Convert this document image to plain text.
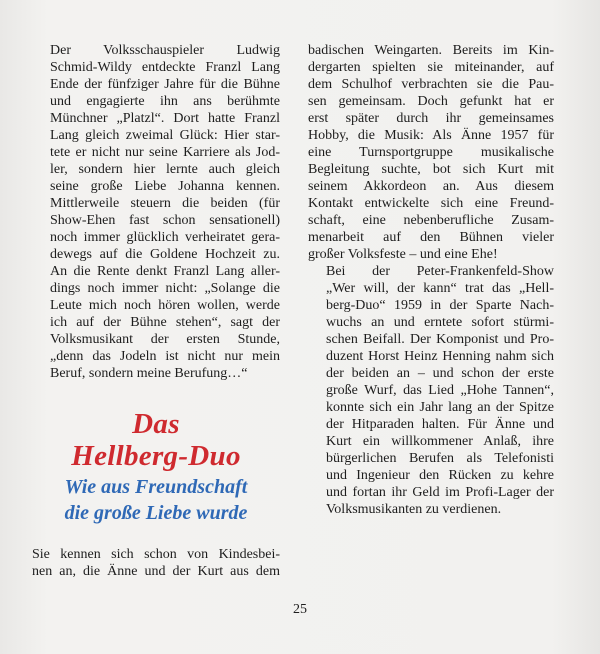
Der Volksschauspieler Ludwig
Schmid-Wildy entdeckte Franzl Lang
Ende der fünfziger Jahre für die Bühne
und engagierte ihn ans berühmte
Münchner „Platzl“. Dort hatte Franzl
Lang gleich zweimal Glück: Hier star-
tete er nicht nur seine Karriere als Jod-
ler, sondern hier lernte auch gleich
seine große Liebe Johanna kennen.
Mittlerweile steuern die beiden (für
Show-Ehen fast schon sensationell)
noch immer glücklich verheiratet gera-
dewegs auf die Goldene Hochzeit zu.
An die Rente denkt Franzl Lang aller-
dings noch immer nicht: „Solange die
Leute mich noch hören wollen, werde
ich auf der Bühne stehen“, sagt der
Volksmusikant der ersten Stunde,
„denn das Jodeln ist nicht nur mein
Beruf, sondern meine Berufung…“

Das
Hellberg-Duo
Wie aus Freundschaft
die große Liebe wurde

Sie kennen sich schon von Kindesbei-
nen an, die Änne und der Kurt aus dem

badischen Weingarten. Bereits im Kin-
dergarten spielten sie miteinander, auf
dem Schulhof verbrachten sie die Pau-
sen gemeinsam. Doch gefunkt hat er
erst später durch ihr gemeinsames
Hobby, die Musik: Als Änne 1957 für
eine Turnsportgruppe musikalische
Begleitung suchte, bot sich Kurt mit
seinem Akkordeon an. Aus diesem
Kontakt entwickelte sich eine Freund-
schaft, eine nebenberufliche Zusam-
menarbeit auf den Bühnen vieler
großer Volksfeste – und eine Ehe!

Bei der Peter-Frankenfeld-Show
„Wer will, der kann“ trat das „Hell-
berg-Duo“ 1959 in der Sparte Nach-
wuchs an und erntete sofort stürmi-
schen Beifall. Der Komponist und Pro-
duzent Horst Heinz Henning nahm sich
der beiden an – und schon der erste
große Wurf, das Lied „Hohe Tannen“,
konnte sich ein Jahr lang an der Spitze
der Hitparaden halten. Für Änne und
Kurt ein willkommener Anlaß, ihre
bürgerlichen Berufen als Telefonisti
und Ingenieur den Rücken zu kehre
und fortan ihr Geld im Profi-Lager der
Volksmusikanten zu verdienen.

25
